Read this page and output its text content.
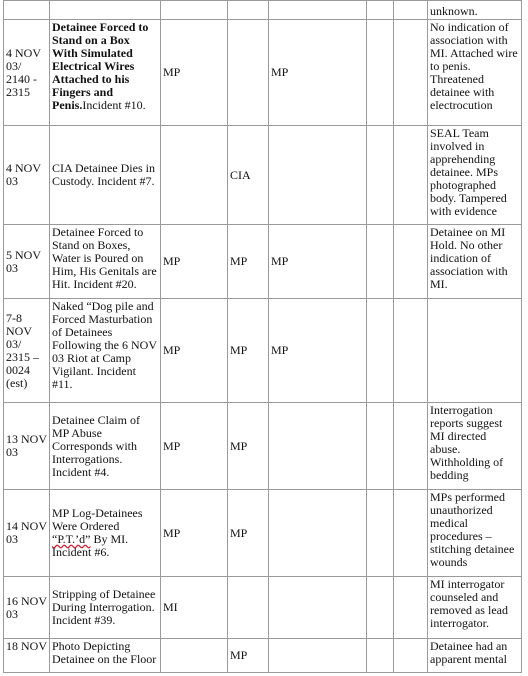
							unknown.
4 NOV 03/ 2140 - 2315	Detainee Forced to Stand on a Box With Simulated Electrical Wires Attached to his Fingers and Penis.Incident #10.	MP		MP			No indication of association with MI. Attached wire to penis. Threatened detainee with electrocution
4 NOV 03	CIA Detainee Dies in Custody. Incident #7.		CIA				SEAL Team involved in apprehending detainee. MPs photographed body. Tampered with evidence
5 NOV 03	Detainee Forced to Stand on Boxes, Water is Poured on Him, His Genitals are Hit. Incident #20.	MP	MP	MP			Detainee on MI Hold. No other indication of association with MI.
7-8 NOV 03/ 2315 – 0024 (est)	Naked “Dog pile and Forced Masturbation of Detainees Following the 6 NOV 03 Riot at Camp Vigilant. Incident #11.	MP	MP	MP			
13 NOV 03	Detainee Claim of MP Abuse Corresponds with Interrogations. Incident #4.	MP	MP				Interrogation reports suggest MI directed abuse. Withholding of bedding
14 NOV 03	MP Log-Detainees Were Ordered “P.T.’d” By MI. Incident #6.	MP	MP				MPs performed unauthorized medical procedures – stitching detainee wounds
16 NOV 03	Stripping of Detainee During Interrogation. Incident #39.	MI					MI interrogator counseled and removed as lead interrogator.
18 NOV	Photo Depicting Detainee on the Floor		MP				Detainee had an apparent mental
